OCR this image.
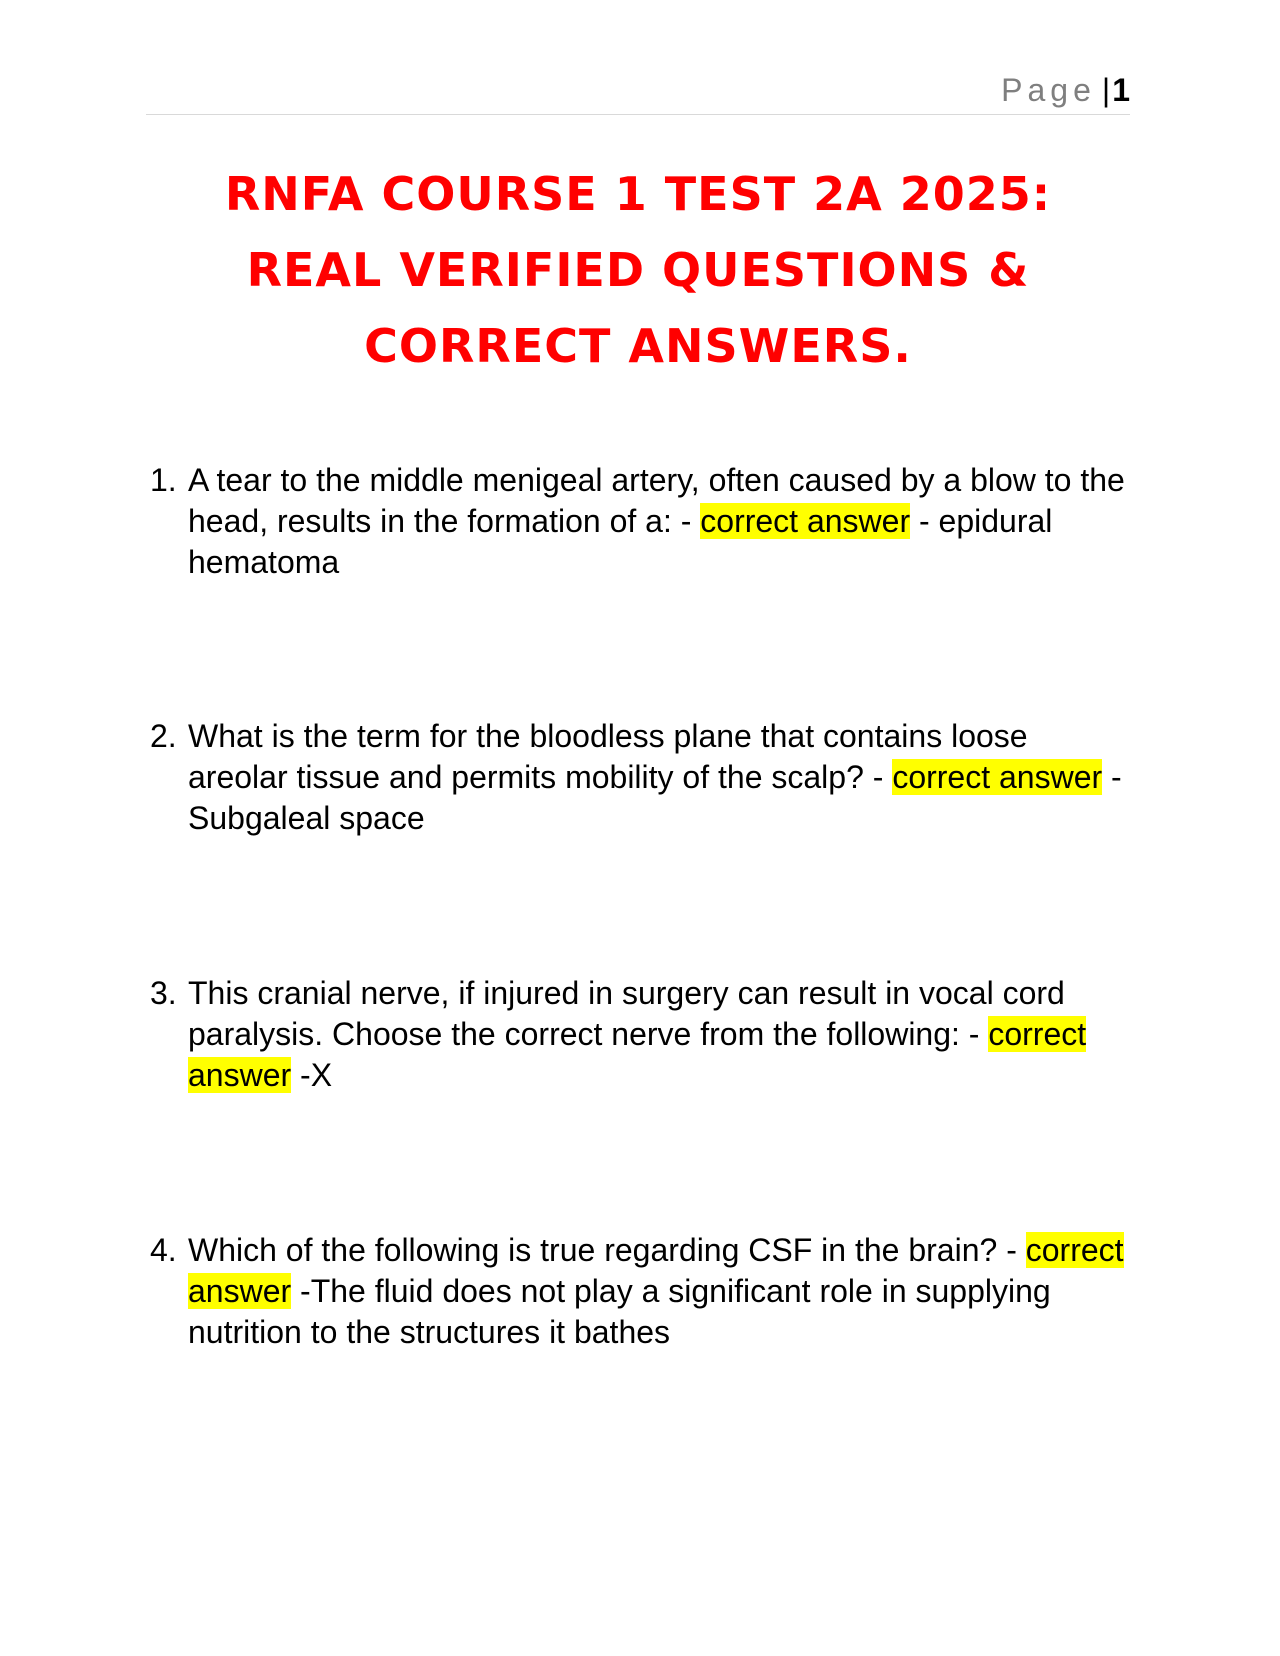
Page |1
RNFA COURSE 1 TEST 2A 2025:
REAL VERIFIED QUESTIONS &
CORRECT ANSWERS.
1. A tear to the middle menigeal artery, often caused by a blow to the head, results in the formation of a: - correct answer - epidural hematoma
2. What is the term for the bloodless plane that contains loose areolar tissue and permits mobility of the scalp? - correct answer -Subgaleal space
3. This cranial nerve, if injured in surgery can result in vocal cord paralysis. Choose the correct nerve from the following: - correct answer -X
4. Which of the following is true regarding CSF in the brain? - correct answer -The fluid does not play a significant role in supplying nutrition to the structures it bathes
